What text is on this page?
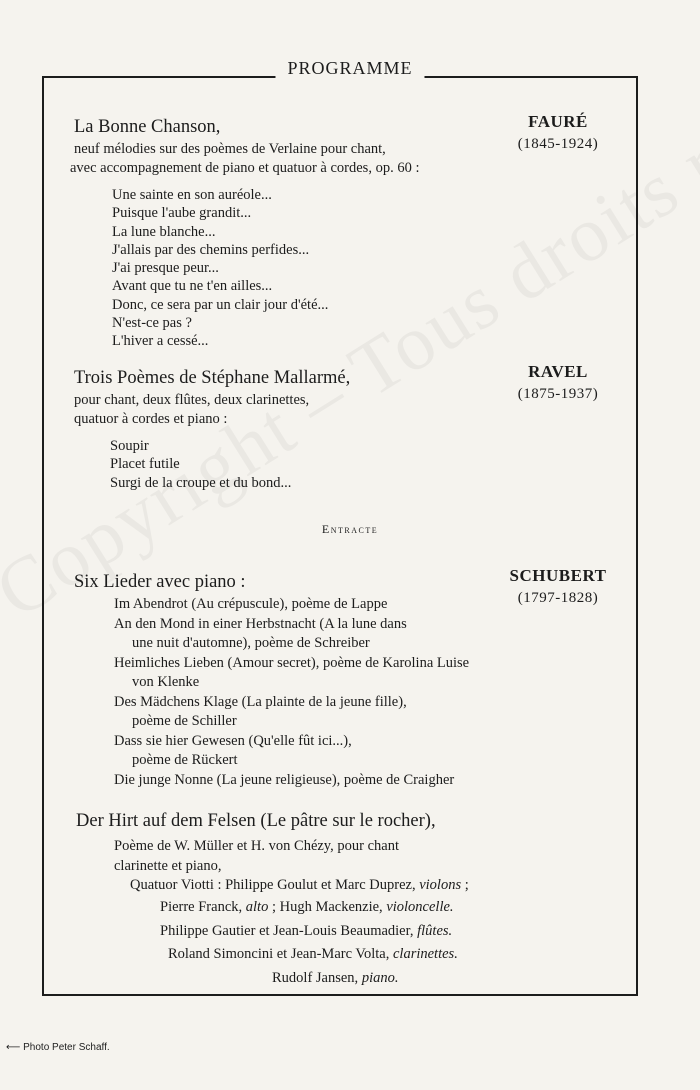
PROGRAMME
FAURÉ
(1845-1924)
La Bonne Chanson,
neuf mélodies sur des poèmes de Verlaine pour chant,
avec accompagnement de piano et quatuor à cordes, op. 60 :
Une sainte en son auréole...
Puisque l'aube grandit...
La lune blanche...
J'allais par des chemins perfides...
J'ai presque peur...
Avant que tu ne t'en ailles...
Donc, ce sera par un clair jour d'été...
N'est-ce pas ?
L'hiver a cessé...
RAVEL
(1875-1937)
Trois Poèmes de Stéphane Mallarmé,
pour chant, deux flûtes, deux clarinettes,
quatuor à cordes et piano :
Soupir
Placet futile
Surgi de la croupe et du bond...
Entracte
SCHUBERT
(1797-1828)
Six Lieder avec piano :
Im Abendrot (Au crépuscule), poème de Lappe
An den Mond in einer Herbstnacht (A la lune dans
une nuit d'automne), poème de Schreiber
Heimliches Lieben (Amour secret), poème de Karolina Luise
von Klenke
Des Mädchens Klage (La plainte de la jeune fille),
poème de Schiller
Dass sie hier Gewesen (Qu'elle fût ici...),
poème de Rückert
Die junge Nonne (La jeune religieuse), poème de Craigher
Der Hirt auf dem Felsen (Le pâtre sur le rocher),
Poème de W. Müller et H. von Chézy, pour chant
clarinette et piano,
Quatuor Viotti : Philippe Goulut et Marc Duprez, violons ;
Pierre Franck, alto ; Hugh Mackenzie, violoncelle.
Philippe Gautier et Jean-Louis Beaumadier, flûtes.
Roland Simoncini et Jean-Marc Volta, clarinettes.
Rudolf Jansen, piano.
⟵ Photo Peter Schaff.
